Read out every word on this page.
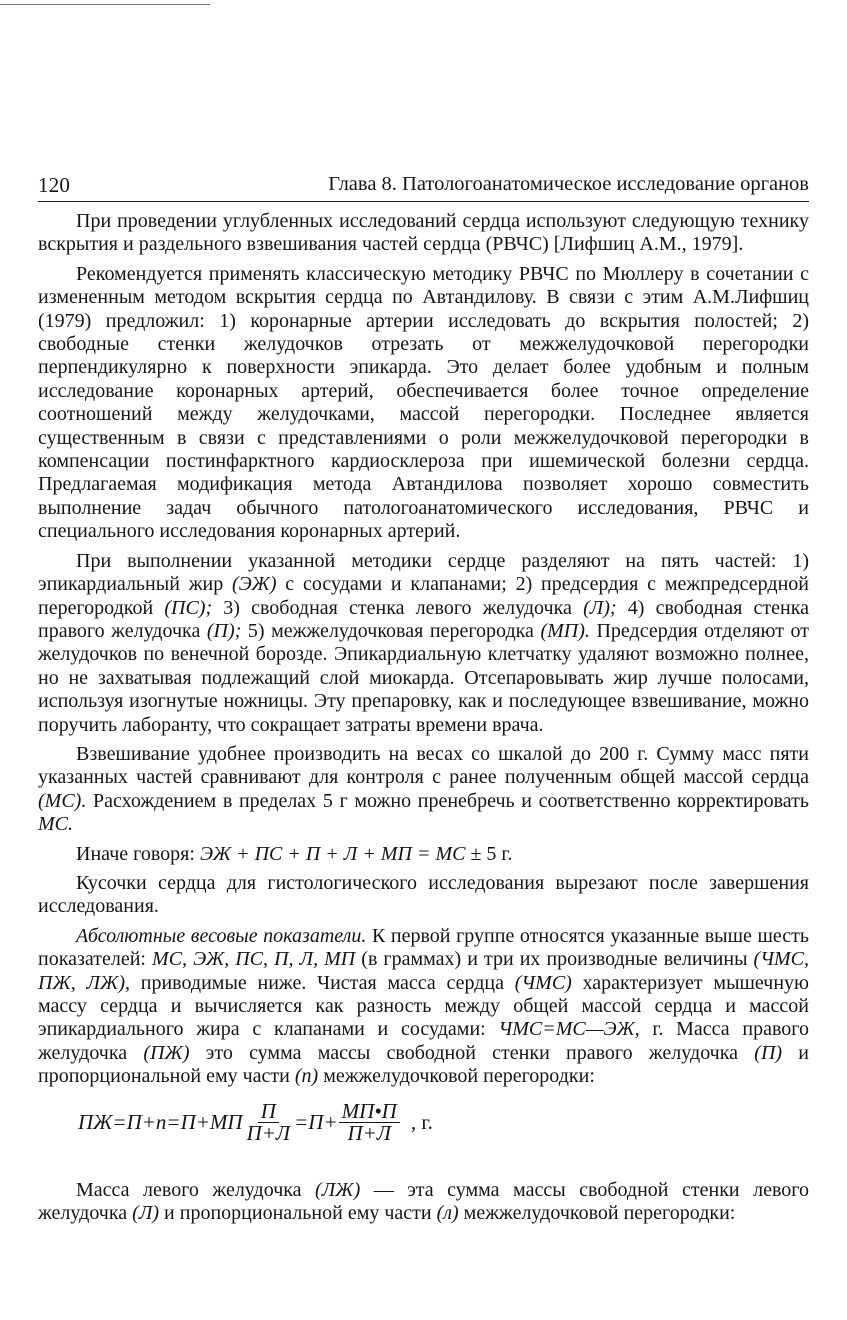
120	Глава 8. Патологоанатомическое исследование органов

При проведении углубленных исследований сердца используют следующую технику вскрытия и раздельного взвешивания частей сердца (РВЧС) [Лифшиц А.М., 1979].

Рекомендуется применять классическую методику РВЧС по Мюллеру в сочетании с измененным методом вскрытия сердца по Автандилову. В связи с этим А.М.Лифшиц (1979) предложил: 1) коронарные артерии исследовать до вскрытия полостей; 2) свободные стенки желудочков отрезать от межжелудочковой перегородки перпендикулярно к поверхности эпикарда. Это делает более удобным и полным исследование коронарных артерий, обеспечивается более точное определение соотношений между желудочками, массой перегородки. Последнее является существенным в связи с представлениями о роли межжелудочковой перегородки в компенсации постинфарктного кардиосклероза при ишемической болезни сердца. Предлагаемая модификация метода Автандилова позволяет хорошо совместить выполнение задач обычного патологоанатомического исследования, РВЧС и специального исследования коронарных артерий.

При выполнении указанной методики сердце разделяют на пять частей: 1) эпикардиальный жир (ЭЖ) с сосудами и клапанами; 2) предсердия с межпредсердной перегородкой (ПС); 3) свободная стенка левого желудочка (Л); 4) свободная стенка правого желудочка (П); 5) межжелудочковая перегородка (МП). Предсердия отделяют от желудочков по венечной борозде. Эпикардиальную клетчатку удаляют возможно полнее, но не захватывая подлежащий слой миокарда. Отсепаровывать жир лучше полосами, используя изогнутые ножницы. Эту препаровку, как и последующее взвешивание, можно поручить лаборанту, что сокращает затраты времени врача.

Взвешивание удобнее производить на весах со шкалой до 200 г. Сумму масс пяти указанных частей сравнивают для контроля с ранее полученным общей массой сердца (МС). Расхождением в пределах 5 г можно пренебречь и соответственно корректировать МС.

Иначе говоря: ЭЖ + ПС + П + Л + МП = МС ± 5 г.

Кусочки сердца для гистологического исследования вырезают после завершения исследования.

Абсолютные весовые показатели. К первой группе относятся указанные выше шесть показателей: МС, ЭЖ, ПС, П, Л, МП (в граммах) и три их производные величины (ЧМС, ПЖ, ЛЖ), приводимые ниже. Чистая масса сердца (ЧМС) характеризует мышечную массу сердца и вычисляется как разность между общей массой сердца и массой эпикардиального жира с клапанами и сосудами: ЧМС=МС—ЭЖ, г. Масса правого желудочка (ПЖ) это сумма массы свободной стенки правого желудочка (П) и пропорциональной ему части (п) межжелудочковой перегородки:

$ПЖ=П+п=П+МП \frac{П}{П+Л} =П+ \frac{МП•П}{П+Л}$ , г.

Масса левого желудочка (ЛЖ) — эта сумма массы свободной стенки левого желудочка (Л) и пропорциональной ему части (л) межжелудочковой перегородки:
